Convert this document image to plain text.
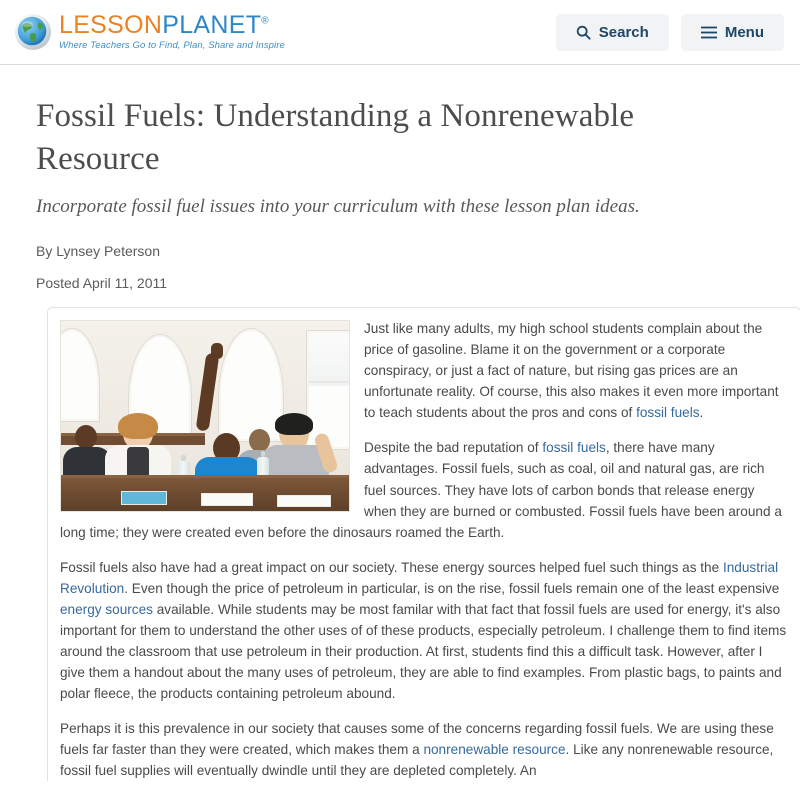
LESSONPLANET®
Where Teachers Go to Find, Plan, Share and Inspire
Search	Menu
Fossil Fuels: Understanding a Nonrenewable Resource

Incorporate fossil fuel issues into your curriculum with these lesson plan ideas.

By Lynsey Peterson
Posted April 11, 2011

Just like many adults, my high school students complain about the price of gasoline. Blame it on the government or a corporate conspiracy, or just a fact of nature, but rising gas prices are an unfortunate reality. Of course, this also makes it even more important to teach students about the pros and cons of fossil fuels.

Despite the bad reputation of fossil fuels, there have many advantages. Fossil fuels, such as coal, oil and natural gas, are rich fuel sources. They have lots of carbon bonds that release energy when they are burned or combusted. Fossil fuels have been around a long time; they were created even before the dinosaurs roamed the Earth.

Fossil fuels also have had a great impact on our society. These energy sources helped fuel such things as the Industrial Revolution. Even though the price of petroleum in particular, is on the rise, fossil fuels remain one of the least expensive energy sources available. While students may be most familar with that fact that fossil fuels are used for energy, it's also important for them to understand the other uses of of these products, especially petroleum. I challenge them to find items around the classroom that use petroleum in their production. At first, students find this a difficult task. However, after I give them a handout about the many uses of petroleum, they are able to find examples. From plastic bags, to paints and polar fleece, the products containing petroleum abound.

Perhaps it is this prevalence in our society that causes some of the concerns regarding fossil fuels. We are using these fuels far faster than they were created, which makes them a nonrenewable resource. Like any nonrenewable resource, fossil fuel supplies will eventually dwindle until they are depleted completely. An
